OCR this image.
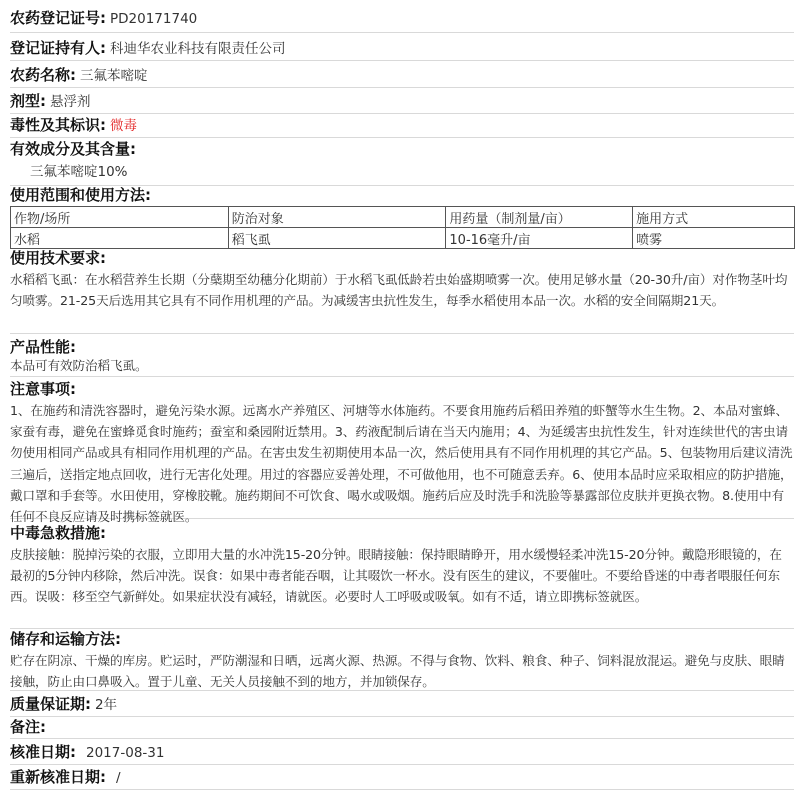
农药登记证号: PD20171740
登记证持有人: 科迪华农业科技有限责任公司
农药名称: 三氟苯嘧啶
剂型: 悬浮剂
毒性及其标识: 微毒
有效成分及其含量:
三氟苯嘧啶10%
使用范围和使用方法:
作物/场所	防治对象	用药量（制剂量/亩）	施用方式
水稻	稻飞虱	10-16毫升/亩	喷雾
使用技术要求:
水稻稻飞虱：在水稻营养生长期（分蘖期至幼穗分化期前）于水稻飞虱低龄若虫始盛期喷雾一次。使用足够水量（20-30升/亩）对作物茎叶均匀喷雾。21-25天后选用其它具有不同作用机理的产品。为减缓害虫抗性发生，每季水稻使用本品一次。水稻的安全间隔期21天。
产品性能:
本品可有效防治稻飞虱。
注意事项:
1、在施药和清洗容器时，避免污染水源。远离水产养殖区、河塘等水体施药。不要食用施药后稻田养殖的虾蟹等水生生物。2、本品对蜜蜂、家蚕有毒，避免在蜜蜂觅食时施药；蚕室和桑园附近禁用。3、药液配制后请在当天内施用；4、为延缓害虫抗性发生，针对连续世代的害虫请勿使用相同产品或具有相同作用机理的产品。在害虫发生初期使用本品一次，然后使用具有不同作用机理的其它产品。5、包装物用后建议清洗三遍后，送指定地点回收，进行无害化处理。用过的容器应妥善处理，不可做他用，也不可随意丢弃。6、使用本品时应采取相应的防护措施，戴口罩和手套等。水田使用，穿橡胶靴。施药期间不可饮食、喝水或吸烟。施药后应及时洗手和洗脸等暴露部位皮肤并更换衣物。8.使用中有任何不良反应请及时携标签就医。
中毒急救措施:
皮肤接触：脱掉污染的衣服，立即用大量的水冲洗15-20分钟。眼睛接触：保持眼睛睁开，用水缓慢轻柔冲洗15-20分钟。戴隐形眼镜的，在最初的5分钟内移除，然后冲洗。误食：如果中毒者能吞咽，让其啜饮一杯水。没有医生的建议，不要催吐。不要给昏迷的中毒者喂服任何东西。误吸：移至空气新鲜处。如果症状没有减轻，请就医。必要时人工呼吸或吸氧。如有不适，请立即携标签就医。
储存和运输方法:
贮存在阴凉、干燥的库房。贮运时，严防潮湿和日晒，远离火源、热源。不得与食物、饮料、粮食、种子、饲料混放混运。避免与皮肤、眼睛接触，防止由口鼻吸入。置于儿童、无关人员接触不到的地方，并加锁保存。
质量保证期: 2年
备注:
核准日期: 2017-08-31
重新核准日期: /
